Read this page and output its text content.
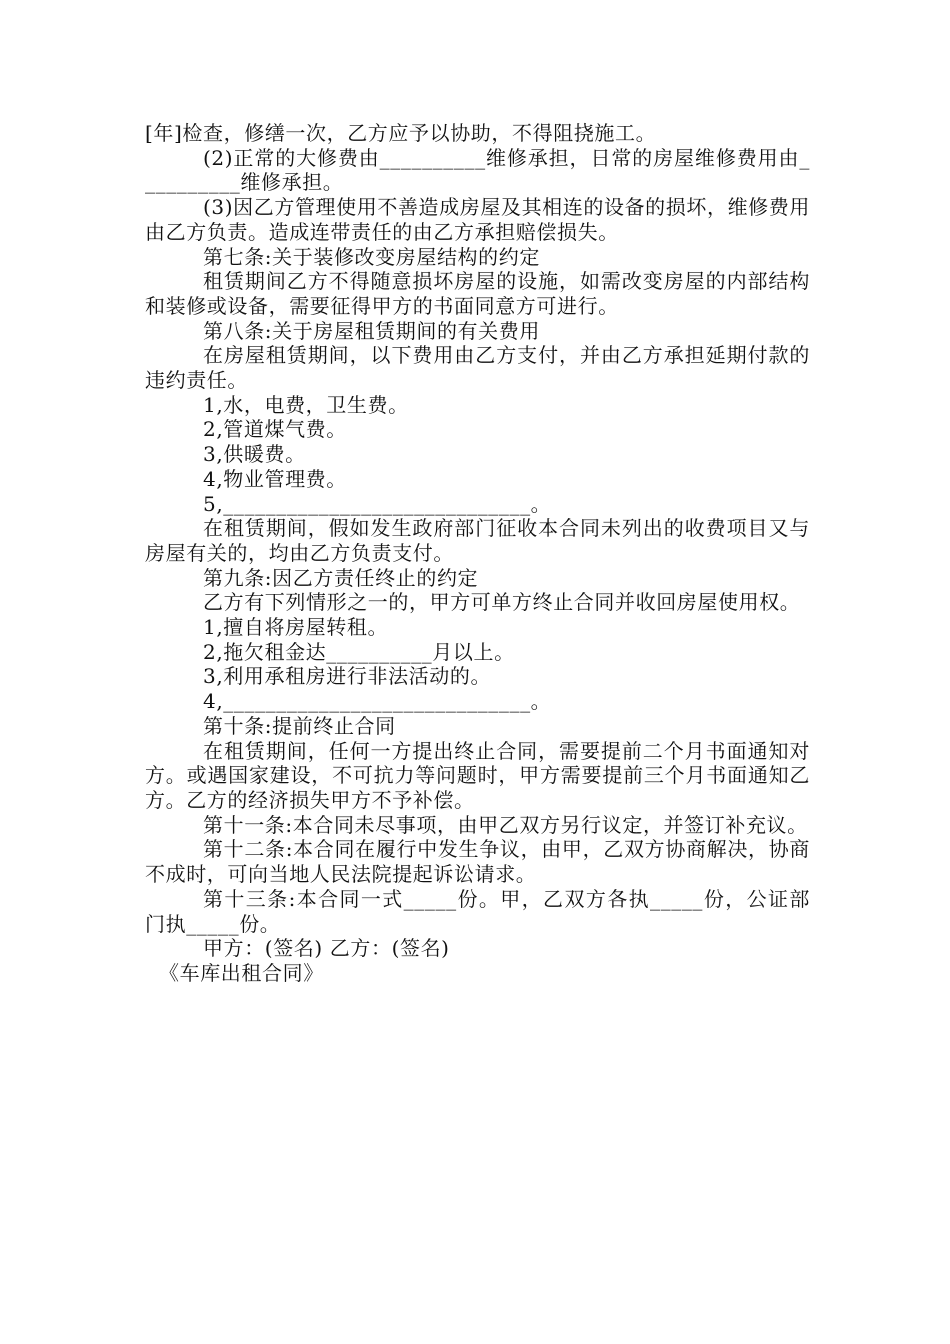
[年]检查，修缮一次，乙方应予以协助，不得阻挠施工。

(2)正常的大修费由__________维修承担，日常的房屋维修费用由__________维修承担。

(3)因乙方管理使用不善造成房屋及其相连的设备的损坏，维修费用由乙方负责。造成连带责任的由乙方承担赔偿损失。

第七条:关于装修改变房屋结构的约定

租赁期间乙方不得随意损坏房屋的设施，如需改变房屋的内部结构和装修或设备，需要征得甲方的书面同意方可进行。

第八条:关于房屋租赁期间的有关费用

在房屋租赁期间，以下费用由乙方支付，并由乙方承担延期付款的违约责任。

1,水，电费，卫生费。

2,管道煤气费。

3,供暖费。

4,物业管理费。

5,_____________________________。

在租赁期间，假如发生政府部门征收本合同未列出的收费项目又与房屋有关的，均由乙方负责支付。

第九条:因乙方责任终止的约定

乙方有下列情形之一的，甲方可单方终止合同并收回房屋使用权。

1,擅自将房屋转租。

2,拖欠租金达__________月以上。

3,利用承租房进行非法活动的。

4,_____________________________。

第十条:提前终止合同

在租赁期间，任何一方提出终止合同，需要提前二个月书面通知对方。或遇国家建设，不可抗力等问题时，甲方需要提前三个月书面通知乙方。乙方的经济损失甲方不予补偿。

第十一条:本合同未尽事项，由甲乙双方另行议定，并签订补充议。

第十二条:本合同在履行中发生争议，由甲，乙双方协商解决，协商不成时，可向当地人民法院提起诉讼请求。

第十三条:本合同一式_____份。甲，乙双方各执_____份，公证部门执_____份。

甲方：(签名) 乙方：(签名)

《车库出租合同》
